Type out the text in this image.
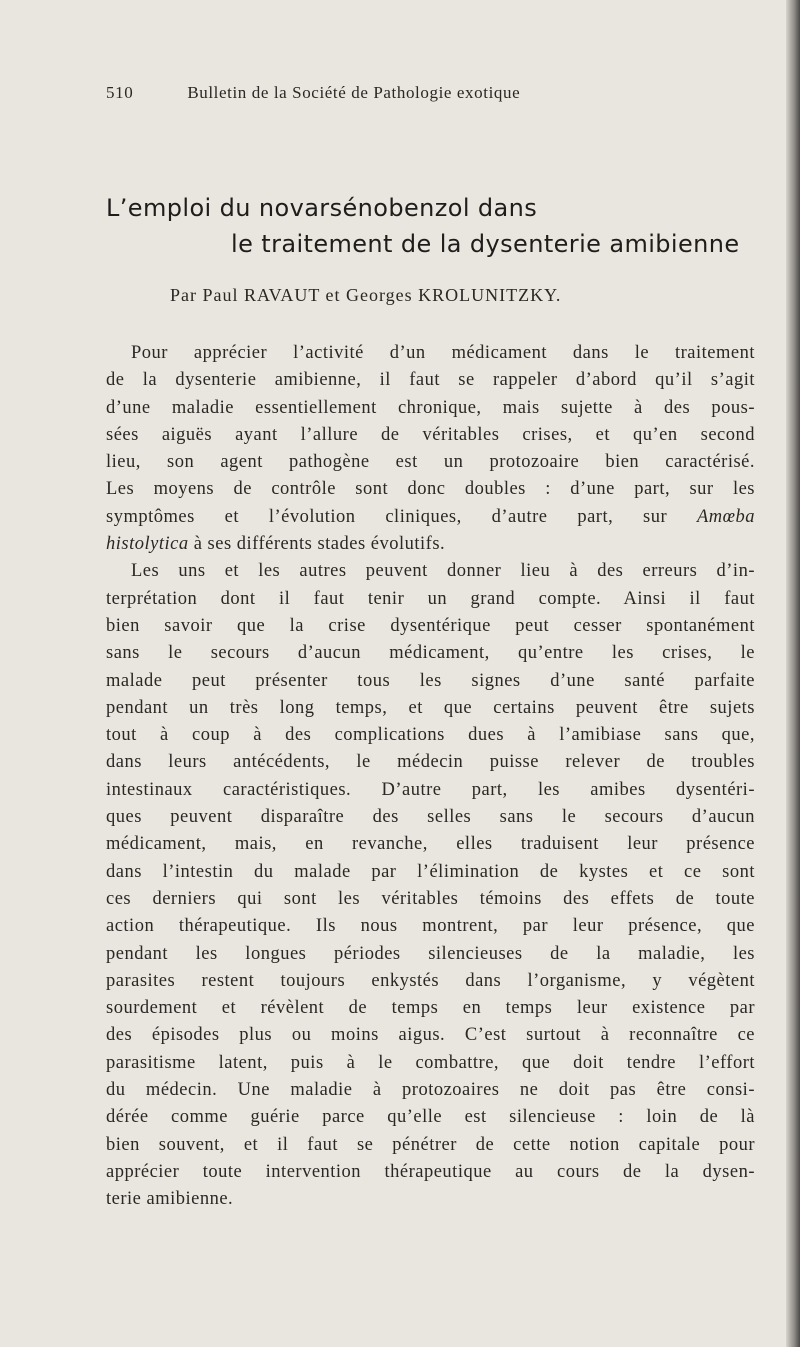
510	Bulletin de la Société de Pathologie exotique
L’emploi du novarsénobenzol dans
le traitement de la dysenterie amibienne
Par Paul RAVAUT et Georges KROLUNITZKY.
Pour apprécier l’activité d’un médicament dans le traitement
de la dysenterie amibienne, il faut se rappeler d’abord qu’il s’agit
d’une maladie essentiellement chronique, mais sujette à des pous-
sées aiguës ayant l’allure de véritables crises, et qu’en second
lieu, son agent pathogène est un protozoaire bien caractérisé.
Les moyens de contrôle sont donc doubles : d’une part, sur les
symptômes et l’évolution cliniques, d’autre part, sur Amœba
histolytica à ses différents stades évolutifs.
Les uns et les autres peuvent donner lieu à des erreurs d’in-
terprétation dont il faut tenir un grand compte. Ainsi il faut
bien savoir que la crise dysentérique peut cesser spontanément
sans le secours d’aucun médicament, qu’entre les crises, le
malade peut présenter tous les signes d’une santé parfaite
pendant un très long temps, et que certains peuvent être sujets
tout à coup à des complications dues à l’amibiase sans que,
dans leurs antécédents, le médecin puisse relever de troubles
intestinaux caractéristiques. D’autre part, les amibes dysentéri-
ques peuvent disparaître des selles sans le secours d’aucun
médicament, mais, en revanche, elles traduisent leur présence
dans l’intestin du malade par l’élimination de kystes et ce sont
ces derniers qui sont les véritables témoins des effets de toute
action thérapeutique. Ils nous montrent, par leur présence, que
pendant les longues périodes silencieuses de la maladie, les
parasites restent toujours enkystés dans l’organisme, y végètent
sourdement et révèlent de temps en temps leur existence par
des épisodes plus ou moins aigus. C’est surtout à reconnaître ce
parasitisme latent, puis à le combattre, que doit tendre l’effort
du médecin. Une maladie à protozoaires ne doit pas être consi-
dérée comme guérie parce qu’elle est silencieuse : loin de là
bien souvent, et il faut se pénétrer de cette notion capitale pour
apprécier toute intervention thérapeutique au cours de la dysen-
terie amibienne.
